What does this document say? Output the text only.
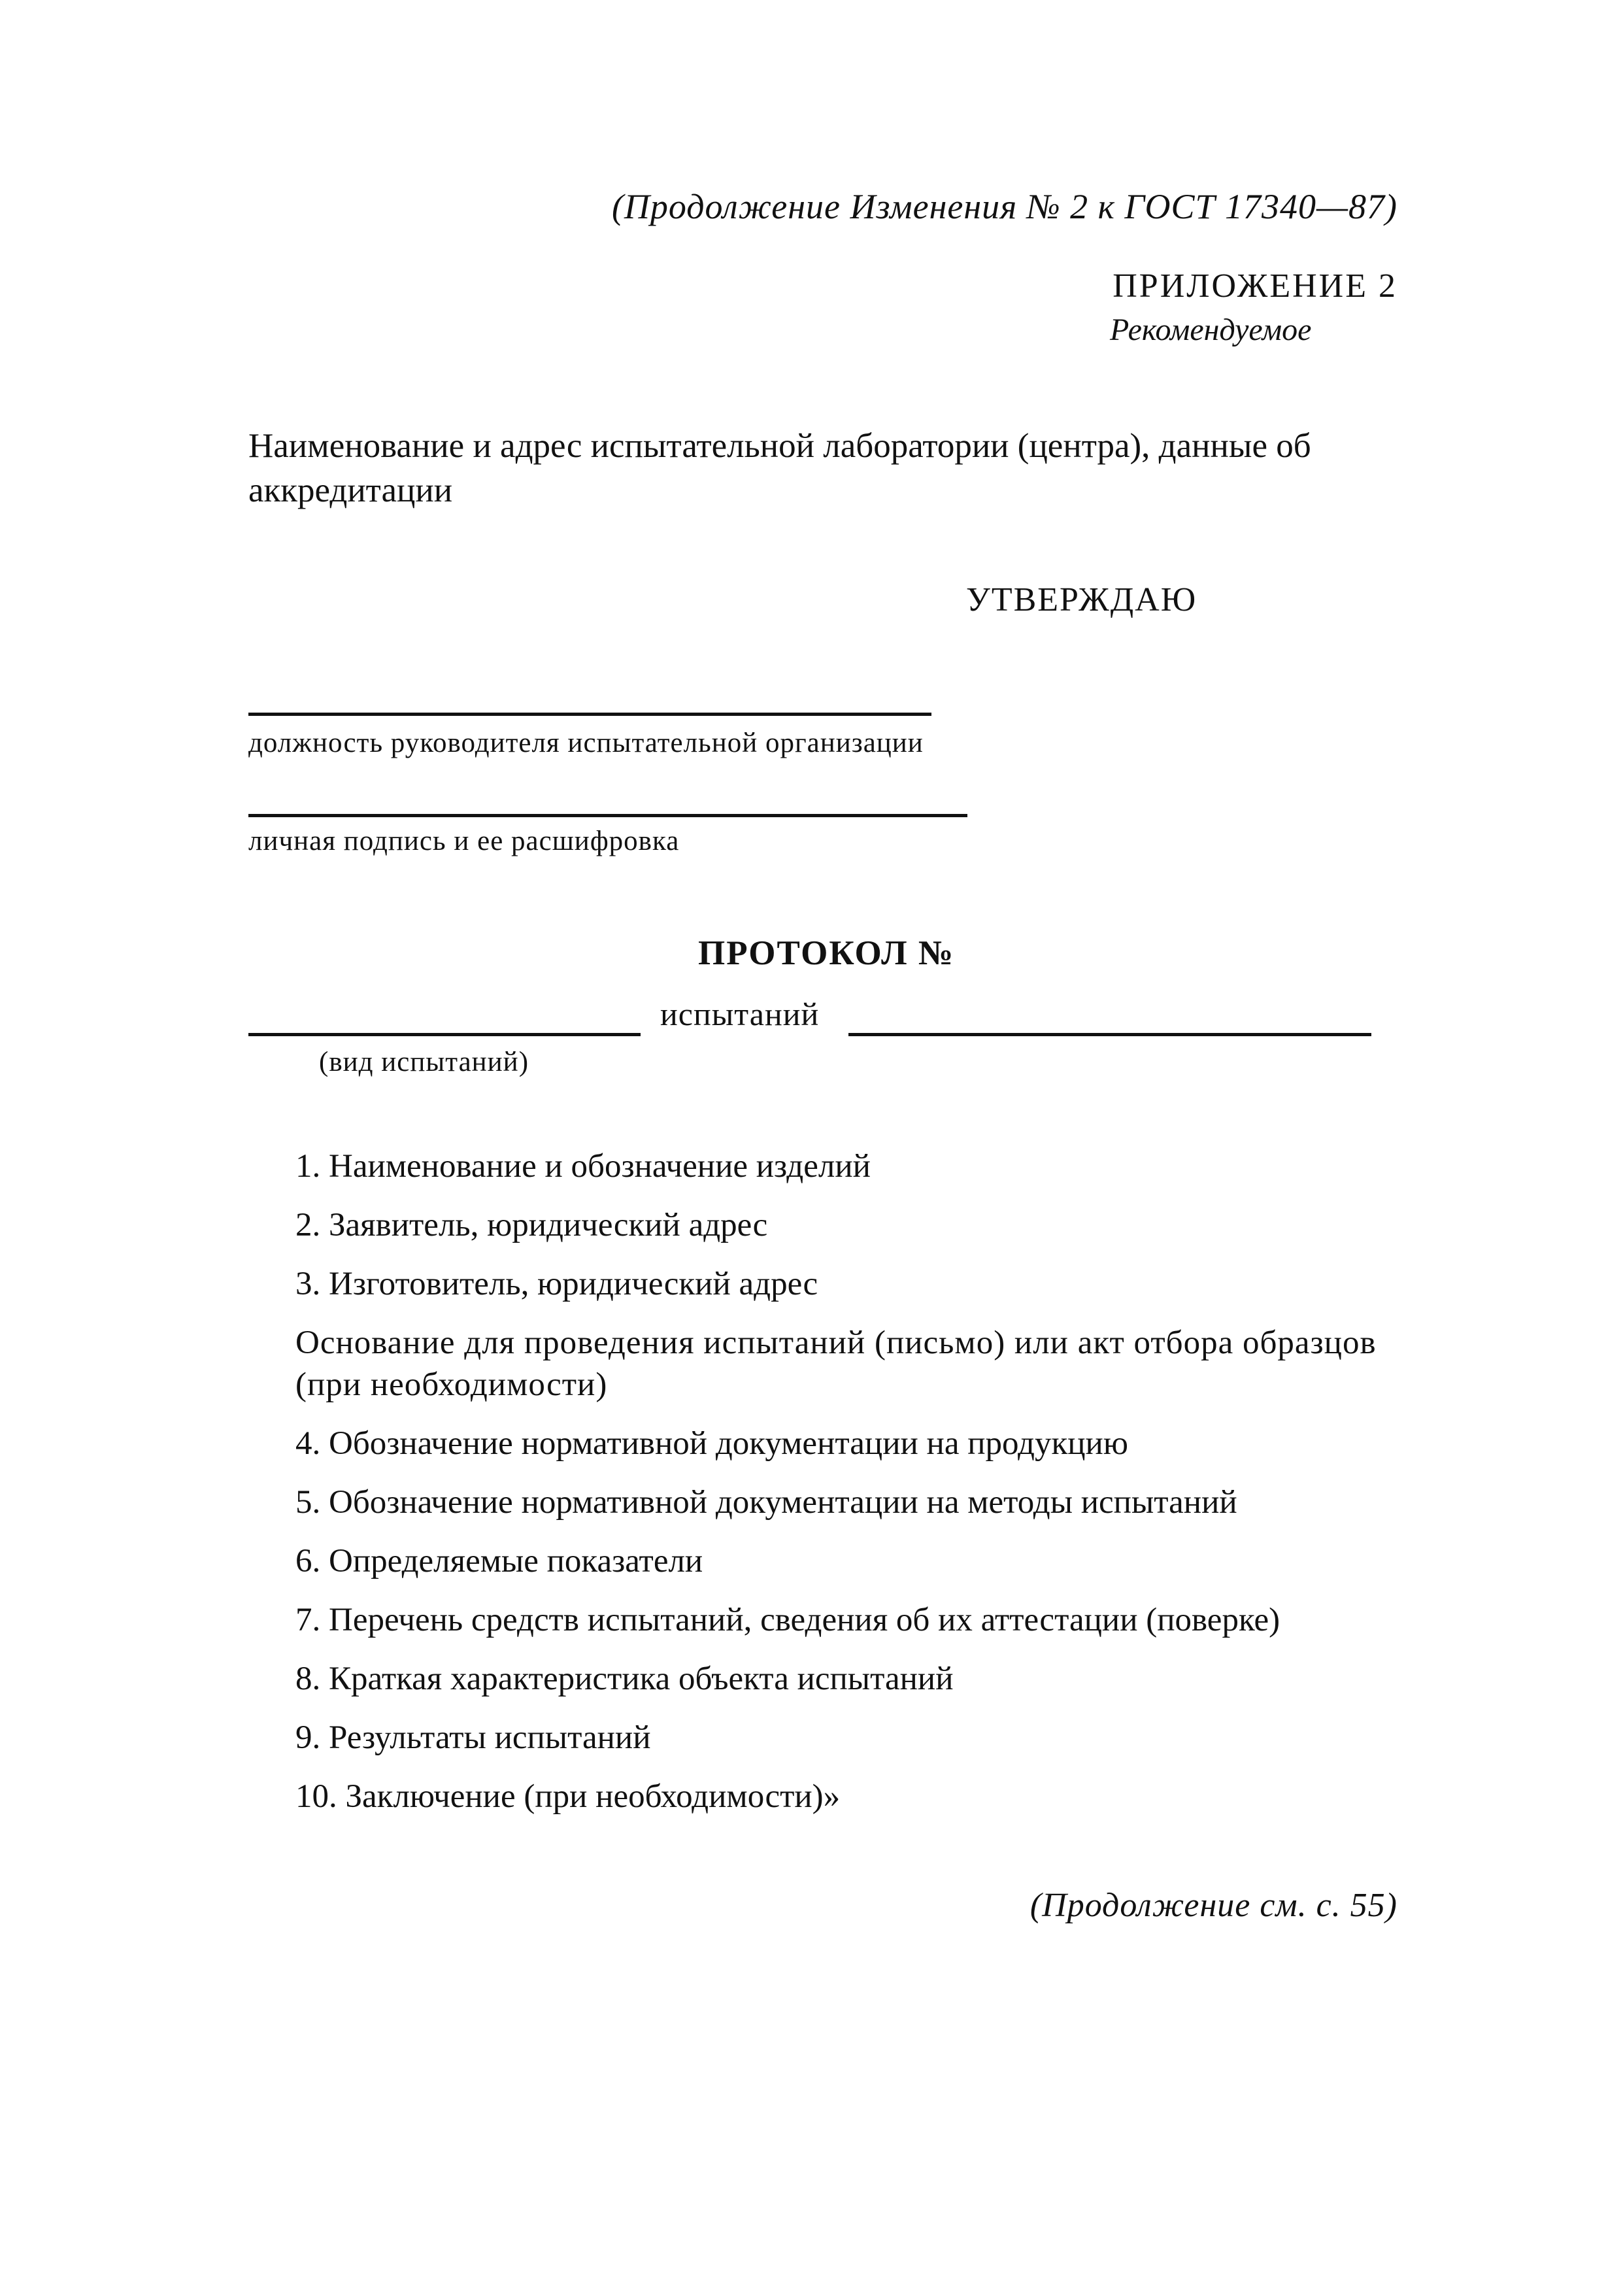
(Продолжение Изменения № 2 к ГОСТ 17340—87)
ПРИЛОЖЕНИЕ 2
Рекомендуемое
Наименование и адрес испытательной лаборатории (центра), данные об аккредитации
УТВЕРЖДАЮ
должность руководителя испытательной организации
личная подпись и ее расшифровка
ПРОТОКОЛ №
испытаний
(вид испытаний)
1. Наименование и обозначение изделий
2. Заявитель, юридический адрес
3. Изготовитель, юридический адрес
Основание для проведения испытаний (письмо) или акт отбора образцов (при необходимости)
4. Обозначение нормативной документации на продукцию
5. Обозначение нормативной документации на методы испытаний
6. Определяемые показатели
7. Перечень средств испытаний, сведения об их аттестации (поверке)
8. Краткая характеристика объекта испытаний
9. Результаты испытаний
10. Заключение (при необходимости)»
(Продолжение см. с. 55)
